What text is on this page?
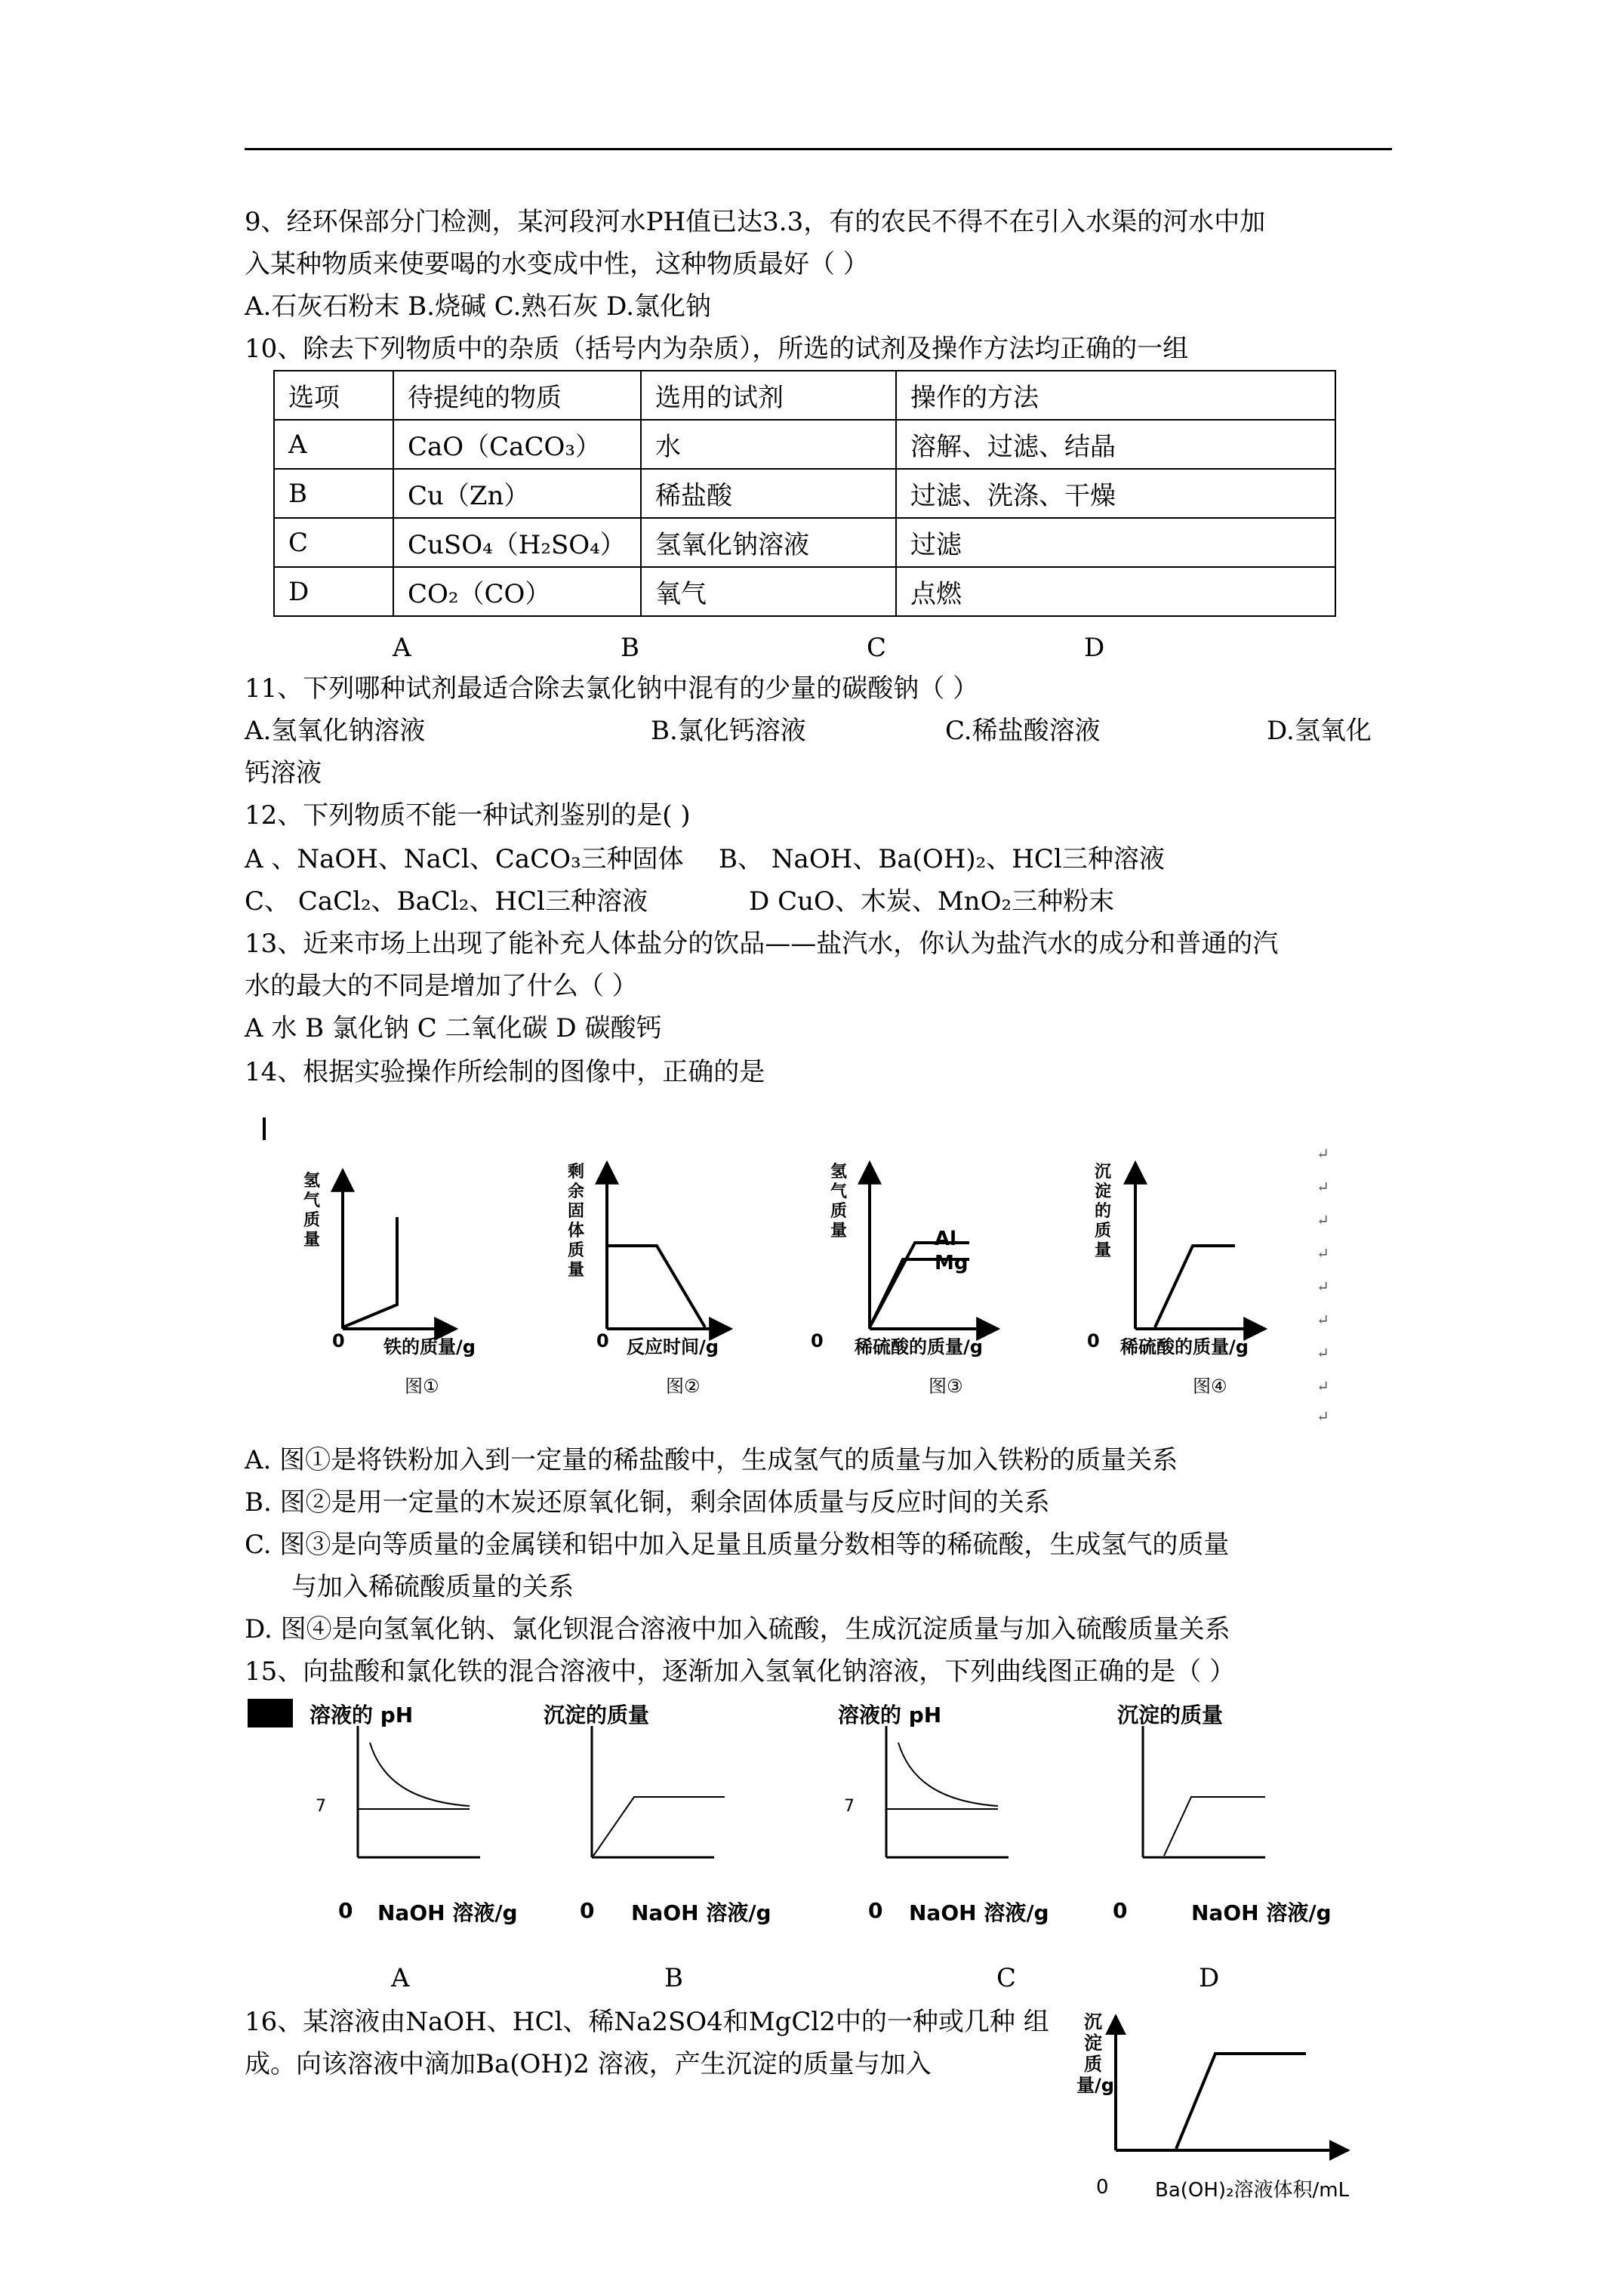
9、经环保部分门检测，某河段河水PH值已达3.3，有的农民不得不在引入水渠的河水中加
入某种物质来使要喝的水变成中性，这种物质最好（ ）
A.石灰石粉末 B.烧碱 C.熟石灰 D.氯化钠
10、除去下列物质中的杂质（括号内为杂质），所选的试剂及操作方法均正确的一组
选项	待提纯的物质	选用的试剂	操作的方法
A	CaO（CaCO₃）	水	溶解、过滤、结晶
B	Cu（Zn）	稀盐酸	过滤、洗涤、干燥
C	CuSO₄（H₂SO₄）	氢氧化钠溶液	过滤
D	CO₂（CO）	氧气	点燃
A	B	C	D
11、下列哪种试剂最适合除去氯化钠中混有的少量的碳酸钠（ ）
A.氢氧化钠溶液	B.氯化钙溶液	C.稀盐酸溶液	D.氢氧化
钙溶液
12、下列物质不能一种试剂鉴别的是( )
A 、NaOH、NaCl、CaCO₃三种固体 B、 NaOH、Ba(OH)₂、HCl三种溶液
C、 CaCl₂、BaCl₂、HCl三种溶液	D CuO、木炭、MnO₂三种粉末
13、近来市场上出现了能补充人体盐分的饮品——盐汽水，你认为盐汽水的成分和普通的汽
水的最大的不同是增加了什么（ ）
A 水 B 氯化钠 C 二氧化碳 D 碳酸钙
14、根据实验操作所绘制的图像中，正确的是
氢气质量
剩余固体质量
氢气质量
沉淀的质量
0	0	0	0
铁的质量/g	反应时间/g	稀硫酸的质量/g	稀硫酸的质量/g
图①	图②	图③	图④
Al
Mg
↵
↵
↵
↵
↵
↵
↵
↵
↵
A. 图①是将铁粉加入到一定量的稀盐酸中，生成氢气的质量与加入铁粉的质量关系
B. 图②是用一定量的木炭还原氧化铜，剩余固体质量与反应时间的关系
C. 图③是向等质量的金属镁和铝中加入足量且质量分数相等的稀硫酸，生成氢气的质量
与加入稀硫酸质量的关系
D. 图④是向氢氧化钠、氯化钡混合溶液中加入硫酸，生成沉淀质量与加入硫酸质量关系
15、向盐酸和氯化铁的混合溶液中，逐渐加入氢氧化钠溶液，下列曲线图正确的是（ ）
溶液的 pH	沉淀的质量	溶液的 pH	沉淀的质量
7	7
0 NaOH 溶液/g	0 NaOH 溶液/g	0 NaOH 溶液/g	0	NaOH 溶液/g
A	B	C	D
16、某溶液由NaOH、HCl、稀Na2SO4和MgCl2中的一种或几种 组
成。向该溶液中滴加Ba(OH)2 溶液，产生沉淀的质量与加入
沉淀质量/g
0 Ba(OH)₂溶液体积/mL
